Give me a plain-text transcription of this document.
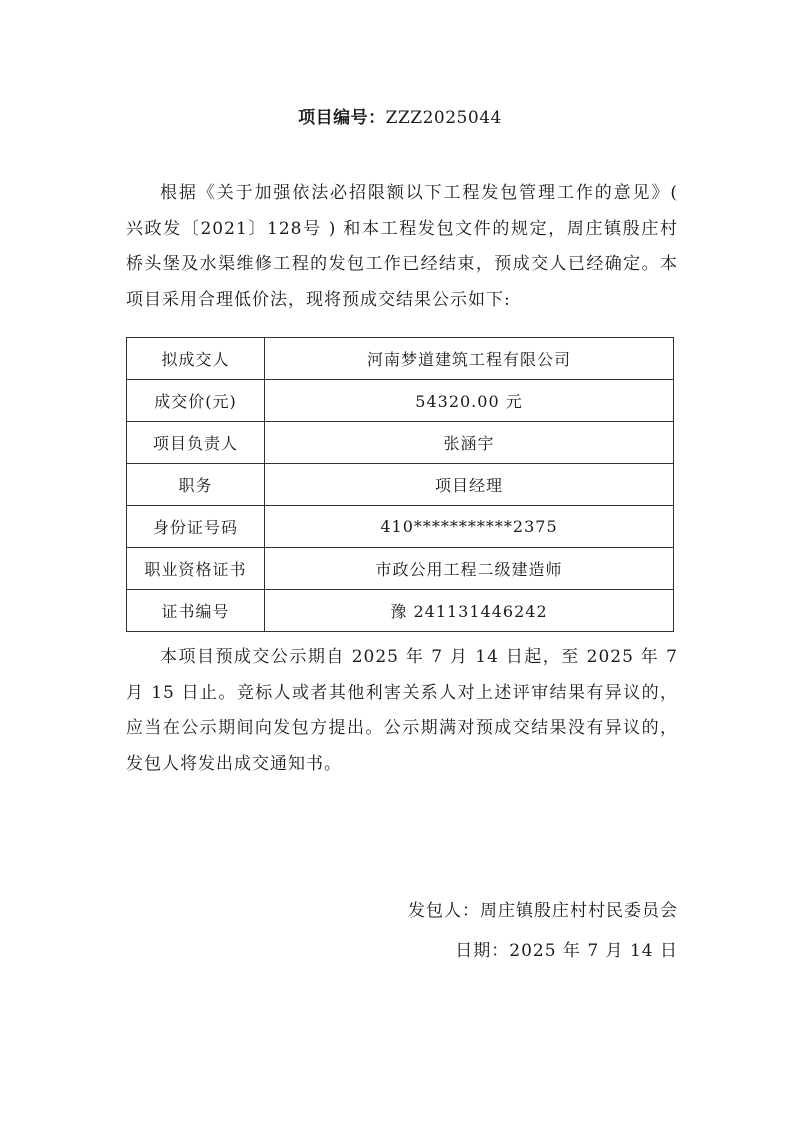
项目编号：ZZZ2025044

根据《关于加强依法必招限额以下工程发包管理工作的意见》( 兴政发〔2021〕128号 ) 和本工程发包文件的规定，周庄镇殷庄村桥头堡及水渠维修工程的发包工作已经结束，预成交人已经确定。本项目采用合理低价法，现将预成交结果公示如下:

拟成交人	河南梦道建筑工程有限公司
成交价(元)	54320.00 元
项目负责人	张涵宇
职务	项目经理
身份证号码	410***********2375
职业资格证书	市政公用工程二级建造师
证书编号	豫 241131446242

本项目预成交公示期自 2025 年 7 月 14 日起，至 2025 年 7 月 15 日止。竞标人或者其他利害关系人对上述评审结果有异议的，应当在公示期间向发包方提出。公示期满对预成交结果没有异议的，发包人将发出成交通知书。

发包人：周庄镇殷庄村村民委员会
日期：2025 年 7 月 14 日
